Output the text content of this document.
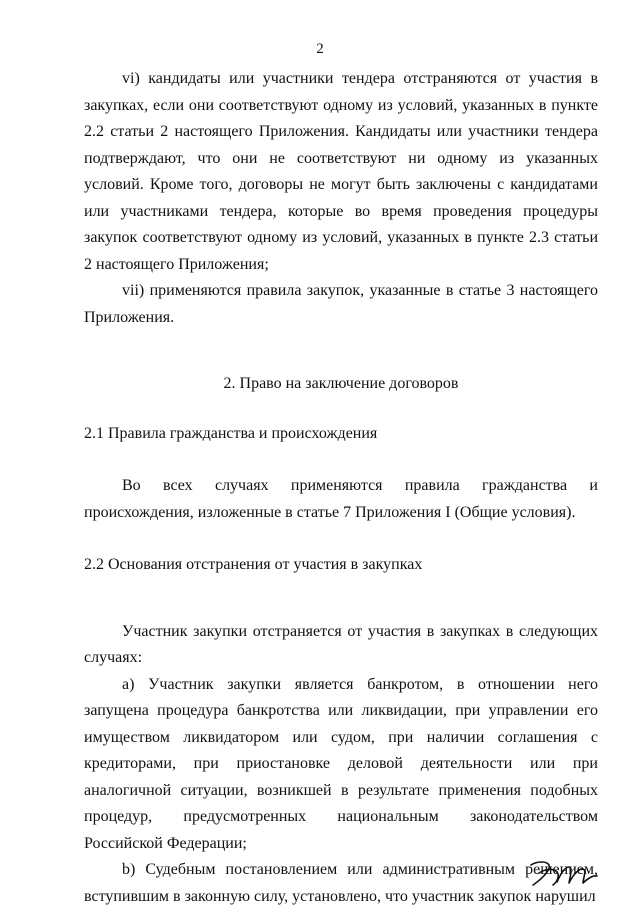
2

vi) кандидаты или участники тендера отстраняются от участия в закупках, если они соответствуют одному из условий, указанных в пункте 2.2 статьи 2 настоящего Приложения. Кандидаты или участники тендера подтверждают, что они не соответствуют ни одному из указанных условий. Кроме того, договоры не могут быть заключены с кандидатами или участниками тендера, которые во время проведения процедуры закупок соответствуют одному из условий, указанных в пункте 2.3 статьи 2 настоящего Приложения;

vii) применяются правила закупок, указанные в статье 3 настоящего Приложения.

2. Право на заключение договоров

2.1 Правила гражданства и происхождения

Во всех случаях применяются правила гражданства и происхождения, изложенные в статье 7 Приложения I (Общие условия).

2.2 Основания отстранения от участия в закупках

Участник закупки отстраняется от участия в закупках в следующих случаях:

a) Участник закупки является банкротом, в отношении него запущена процедура банкротства или ликвидации, при управлении его имуществом ликвидатором или судом, при наличии соглашения с кредиторами, при приостановке деловой деятельности или при аналогичной ситуации, возникшей в результате применения подобных процедур, предусмотренных национальным законодательством Российской Федерации;

b) Судебным постановлением или административным решением, вступившим в законную силу, установлено, что участник закупок нарушил
